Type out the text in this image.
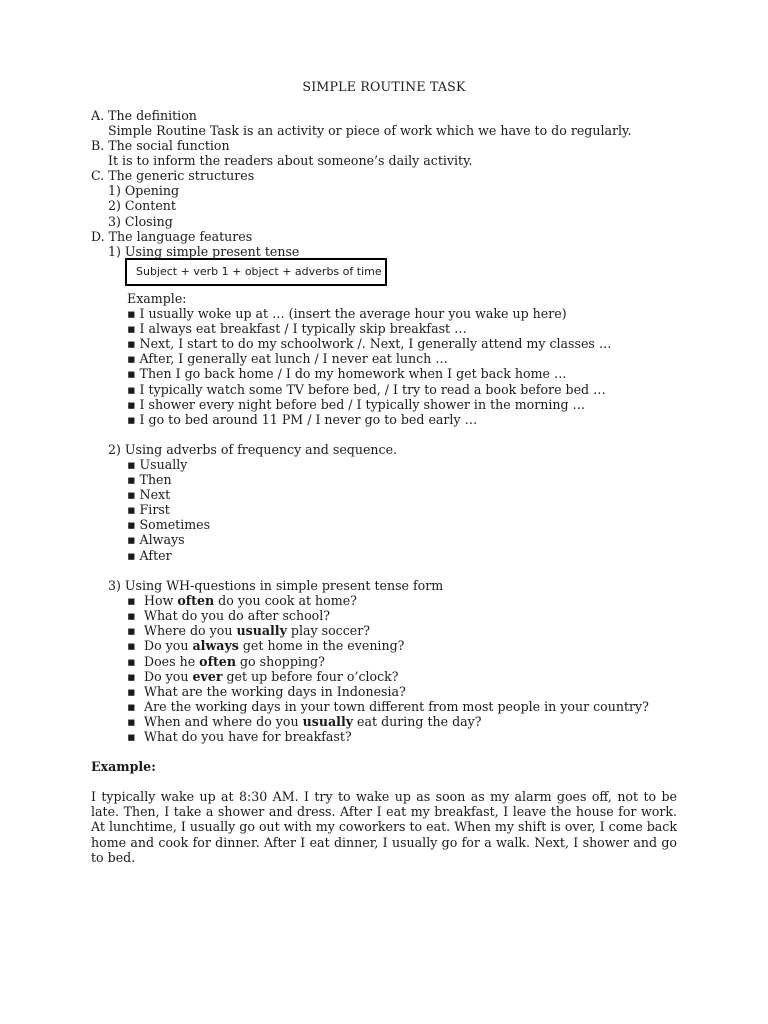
SIMPLE ROUTINE TASK
A. The definition
Simple Routine Task is an activity or piece of work which we have to do regularly.
B. The social function
It is to inform the readers about someone’s daily activity.
C. The generic structures
1) Opening
2) Content
3) Closing
D. The language features
1) Using simple present tense
Subject + verb 1 + object + adverbs of time
Example:
▪ I usually woke up at … (insert the average hour you wake up here)
▪ I always eat breakfast / I typically skip breakfast …
▪ Next, I start to do my schoolwork /. Next, I generally attend my classes …
▪ After, I generally eat lunch / I never eat lunch …
▪ Then I go back home / I do my homework when I get back home …
▪ I typically watch some TV before bed, / I try to read a book before bed …
▪ I shower every night before bed / I typically shower in the morning …
▪ I go to bed around 11 PM / I never go to bed early …
2) Using adverbs of frequency and sequence.
▪ Usually
▪ Then
▪ Next
▪ First
▪ Sometimes
▪ Always
▪ After
3) Using WH-questions in simple present tense form
▪ How often do you cook at home?
▪ What do you do after school?
▪ Where do you usually play soccer?
▪ Do you always get home in the evening?
▪ Does he often go shopping?
▪ Do you ever get up before four o’clock?
▪ What are the working days in Indonesia?
▪ Are the working days in your town different from most people in your country?
▪ When and where do you usually eat during the day?
▪ What do you have for breakfast?
Example:
I typically wake up at 8:30 AM. I try to wake up as soon as my alarm goes off, not to be late. Then, I take a shower and dress. After I eat my breakfast, I leave the house for work. At lunchtime, I usually go out with my coworkers to eat. When my shift is over, I come back home and cook for dinner. After I eat dinner, I usually go for a walk. Next, I shower and go to bed.
